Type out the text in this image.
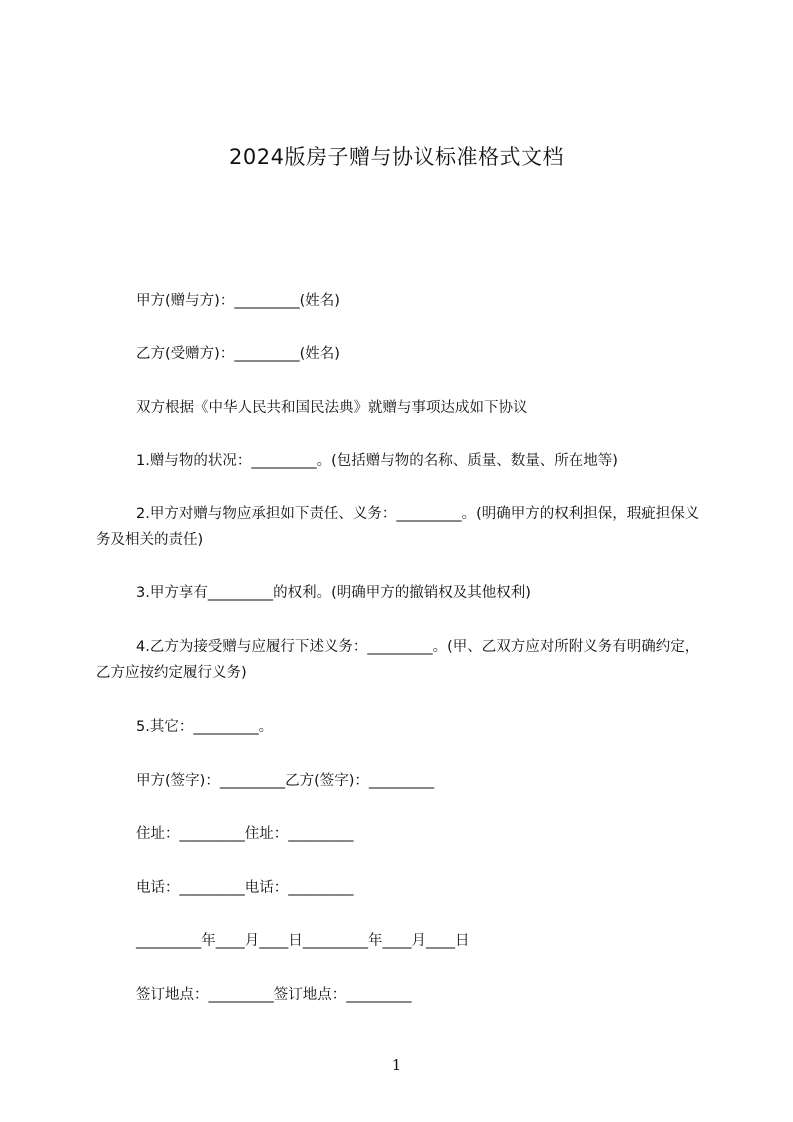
2024版房子赠与协议标准格式文档
甲方(赠与方)：_________(姓名)
乙方(受赠方)：_________(姓名)
双方根据《中华人民共和国民法典》就赠与事项达成如下协议
1.赠与物的状况：_________。(包括赠与物的名称、质量、数量、所在地等)
2.甲方对赠与物应承担如下责任、义务：_________。(明确甲方的权利担保，瑕疵担保义务及相关的责任)
3.甲方享有_________的权利。(明确甲方的撤销权及其他权利)
4.乙方为接受赠与应履行下述义务：_________。(甲、乙双方应对所附义务有明确约定，乙方应按约定履行义务)
5.其它：_________。
甲方(签字)：_________乙方(签字)：_________
住址：_________住址：_________
电话：_________电话：_________
_________年____月____日_________年____月____日
签订地点：_________签订地点：_________
1
